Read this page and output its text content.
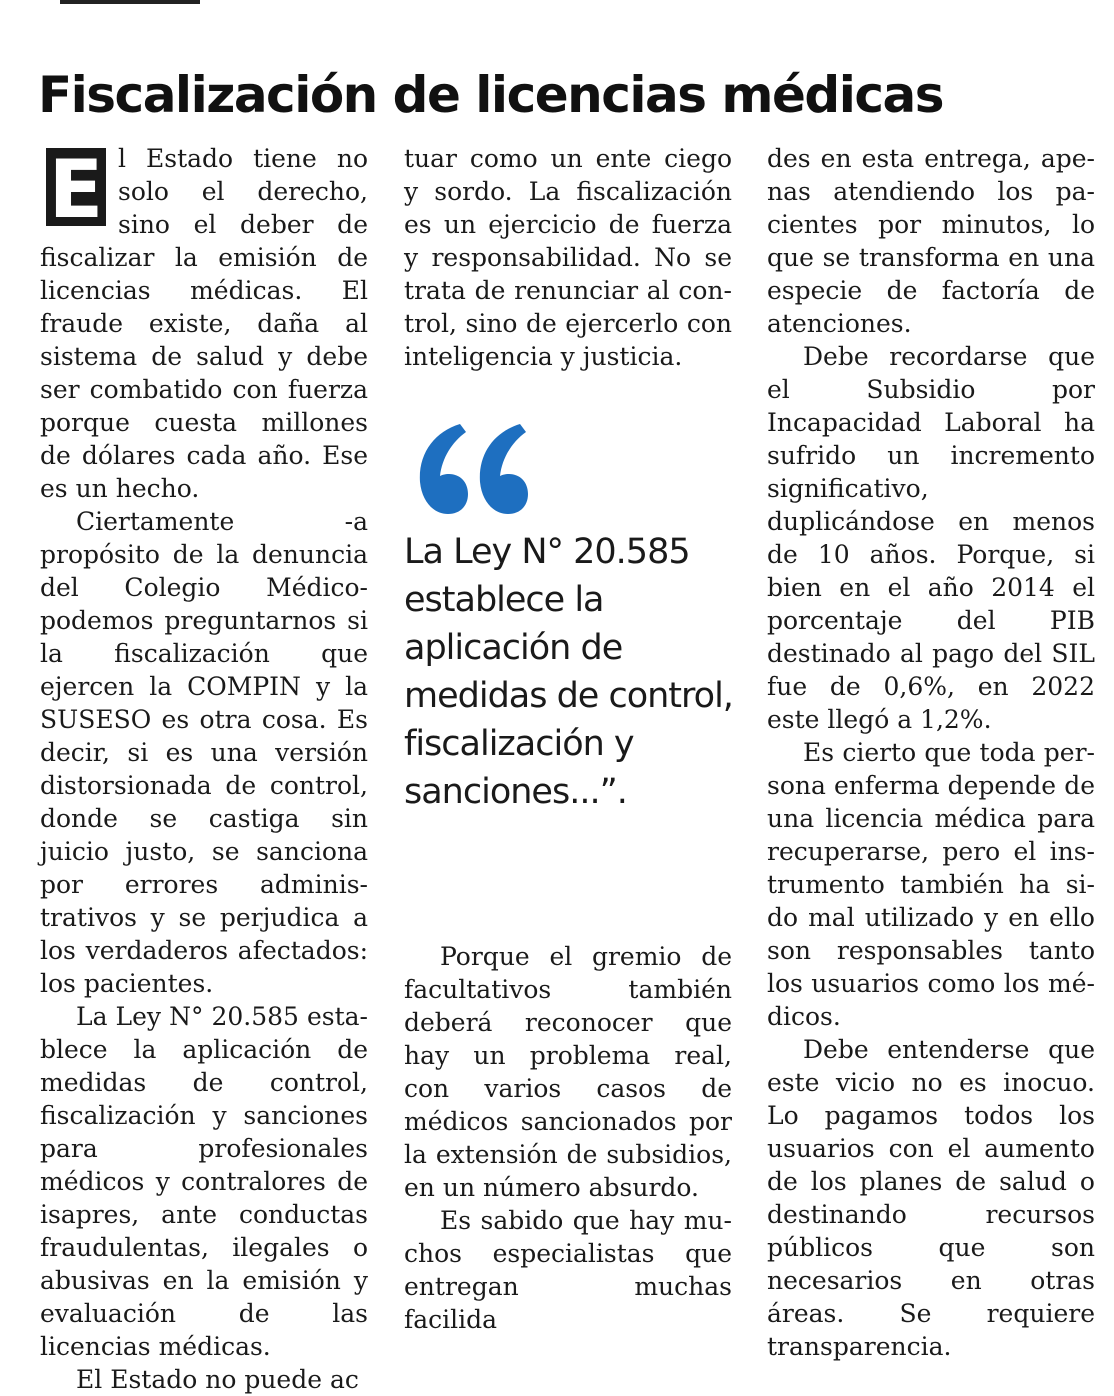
Fiscalización de licencias médicas
E l Estado tiene no solo el derecho, sino el deber de fiscalizar la emisión de licencias médicas. El fraude existe, daña al sistema de salud y debe ser combatido con fuerza porque cuesta millones de dólares cada año. Ese es un hecho.

Ciertamente -a propósito de la denuncia del Colegio Médico- podemos preguntarnos si la fiscalización que ejercen la COMPIN y la SUSESO es otra cosa. Es decir, si es una versión distorsionada de control, donde se castiga sin juicio justo, se sanciona por errores administrativos y se perjudica a los verdaderos afectados: los pacientes.

La Ley N° 20.585 establece la aplicación de medidas de control, fiscalización y sanciones para profesionales médicos y contralores de isapres, ante conductas fraudulentas, ilegales o abusivas en la emisión y evaluación de las licencias médicas.

El Estado no puede ac

tuar como un ente ciego y sordo. La fiscalización es un ejercicio de fuerza y responsabilidad. No se trata de renunciar al control, sino de ejercerlo con inteligencia y justicia.

La Ley N° 20.585 establece la aplicación de medidas de control, fiscalización y sanciones...”.

Porque el gremio de facultativos también deberá reconocer que hay un problema real, con varios casos de médicos sancionados por la extensión de subsidios, en un número absurdo.

Es sabido que hay muchos especialistas que entregan muchas facilida

des en esta entrega, apenas atendiendo los pacientes por minutos, lo que se transforma en una especie de factoría de atenciones.

Debe recordarse que el Subsidio por Incapacidad Laboral ha sufrido un incremento significativo, duplicándose en menos de 10 años. Porque, si bien en el año 2014 el porcentaje del PIB destinado al pago del SIL fue de 0,6%, en 2022 este llegó a 1,2%.

Es cierto que toda persona enferma depende de una licencia médica para recuperarse, pero el instrumento también ha sido mal utilizado y en ello son responsables tanto los usuarios como los médicos.

Debe entenderse que este vicio no es inocuo. Lo pagamos todos los usuarios con el aumento de los planes de salud o destinando recursos públicos que son necesarios en otras áreas. Se requiere transparencia.
